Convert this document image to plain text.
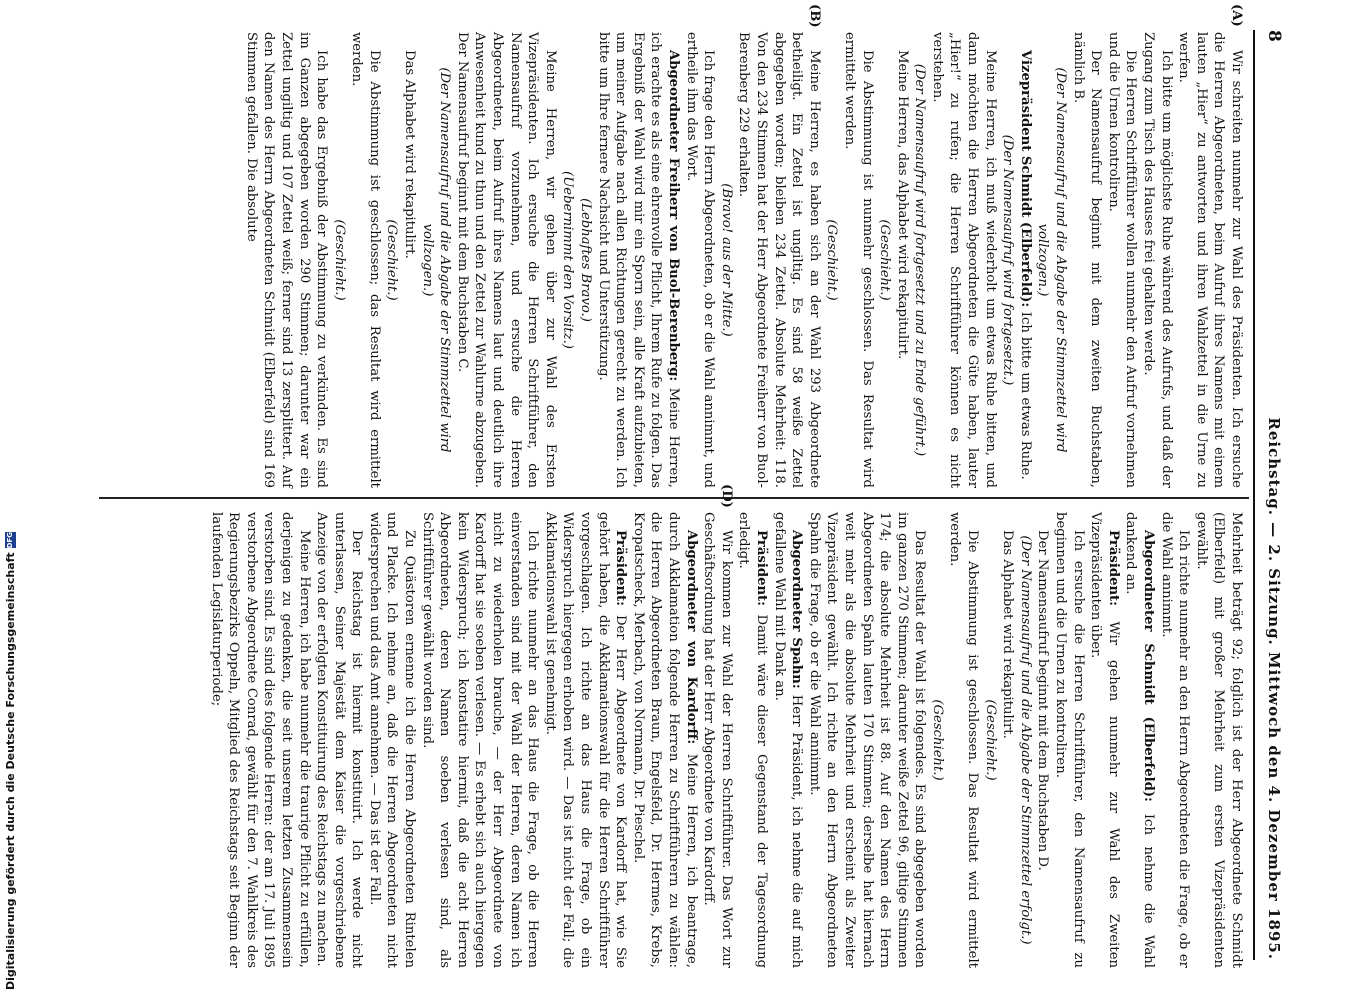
8
Reichstag. — 2. Sitzung. Mittwoch den 4. Dezember 1895.

(A)
Wir schreiten nunmehr zur Wahl des Präsidenten. Ich ersuche die Herren Abgeordneten, beim Aufruf ihres Namens mit einem lauten „Hier“ zu antworten und ihren Wahlzettel in die Urne zu werfen.

Ich bitte um möglichste Ruhe während des Aufrufs, und daß der Zugang zum Tisch des Hauses frei gehalten werde.

Die Herren Schriftführer wollen nunmehr den Aufruf vornehmen und die Urnen kontroliren.

Der Namensaufruf beginnt mit dem zweiten Buchstaben, nämlich B.

(Der Namensaufruf und die Abgabe der Stimmzettel wird vollzogen.)

Vizepräsident Schmidt (Elberfeld): Ich bitte um etwas Ruhe.

(Der Namensaufruf wird fortgesetzt.)

Meine Herren, ich muß wiederholt um etwas Ruhe bitten, und dann möchten die Herren Abgeordneten die Güte haben, lauter „Hier!“ zu rufen; die Herren Schriftführer können es nicht verstehen.

(Der Namensaufruf wird fortgesetzt und zu Ende geführt.)

Meine Herren, das Alphabet wird rekapitulirt.

(Geschieht.)

Die Abstimmung ist nunmehr geschlossen. Das Resultat wird ermittelt werden.

(Geschieht.)

(B)
Meine Herren, es haben sich an der Wahl 293 Abgeordnete betheiligt. Ein Zettel ist ungiltig. Es sind 58 weiße Zettel abgegeben worden; bleiben 234 Zettel. Absolute Mehrheit: 118. Von den 234 Stimmen hat der Herr Abgeordnete Freiherr von Buol-Berenberg 229 erhalten.

(Bravo! aus der Mitte.)

Ich frage den Herrn Abgeordneten, ob er die Wahl annimmt, und ertheile ihm das Wort.

Abgeordneter Freiherr von Buol-Berenberg: Meine Herren, ich erachte es als eine ehrenvolle Pflicht, Ihrem Rufe zu folgen. Das Ergebniß der Wahl wird mir ein Sporn sein, alle Kraft aufzubieten, um meiner Aufgabe nach allen Richtungen gerecht zu werden. Ich bitte um Ihre fernere Nachsicht und Unterstützung.

(Lebhaftes Bravo.)

(Uebernimmt den Vorsitz.)

Meine Herren, wir gehen über zur Wahl des Ersten Vizepräsidenten. Ich ersuche die Herren Schriftführer, den Namensaufruf vorzunehmen, und ersuche die Herren Abgeordneten, beim Aufruf ihres Namens laut und deutlich ihre Anwesenheit kund zu thun und den Zettel zur Wahlurne abzugeben. Der Namensaufruf beginnt mit dem Buchstaben C.

(Der Namensaufruf und die Abgabe der Stimmzettel wird vollzogen.)

Das Alphabet wird rekapitulirt.

(Geschieht.)

Die Abstimmung ist geschlossen; das Resultat wird ermittelt werden.

(Geschieht.)

Ich habe das Ergebniß der Abstimmung zu verkünden. Es sind im Ganzen abgegeben worden 290 Stimmen; darunter war ein Zettel ungiltig und 107 Zettel weiß; ferner sind 13 zersplittert. Auf den Namen des Herrn Abgeordneten Schmidt (Elberfeld) sind 169 Stimmen gefallen. Die absolute

Mehrheit beträgt 92; folglich ist der Herr Abgeordnete Schmidt (Elberfeld) mit großer Mehrheit zum ersten Vizepräsidenten gewählt.

Ich richte nunmehr an den Herrn Abgeordneten die Frage, ob er die Wahl annimmt.

Abgeordneter Schmidt (Elberfeld): Ich nehme die Wahl dankend an.

Präsident: Wir gehen nunmehr zur Wahl des Zweiten Vizepräsidenten über.

Ich ersuche die Herren Schriftführer, den Namensaufruf zu beginnen und die Urnen zu kontroliren.

Der Namensaufruf beginnt mit dem Buchstaben D.

(Der Namensaufruf und die Abgabe der Stimmzettel erfolgt.)

Das Alphabet wird rekapitulirt.

(Geschieht.)

Die Abstimmung ist geschlossen. Das Resultat wird ermittelt werden.

(Geschieht.)

Das Resultat der Wahl ist folgendes. Es sind abgegeben worden im ganzen 270 Stimmen; darunter weiße Zettel 96, giltige Stimmen 174; die absolute Mehrheit ist 88. Auf den Namen des Herrn Abgeordneten Spahn lauten 170 Stimmen; derselbe hat hiernach weit mehr als die absolute Mehrheit und erscheint als Zweiter Vizepräsident gewählt. Ich richte an den Herrn Abgeordneten Spahn die Frage, ob er die Wahl annimmt.

Abgeordneter Spahn: Herr Präsident, ich nehme die auf mich gefallene Wahl mit Dank an.

Präsident: Damit wäre dieser Gegenstand der Tagesordnung erledigt.

(D)
Wir kommen zur Wahl der Herren Schriftführer. Das Wort zur Geschäftsordnung hat der Herr Abgeordnete von Kardorff.

Abgeordneter von Kardorff: Meine Herren, ich beantrage, durch Akklamation folgende Herren zu Schriftführern zu wählen: die Herren Abgeordneten Braun, Engelsfeld, Dr. Hermes, Krebs, Kropatscheck, Merbach, von Normann, Dr. Pieschel.

Präsident: Der Herr Abgeordnete von Kardorff hat, wie Sie gehört haben, die Akklamationswahl für die Herren Schriftführer vorgeschlagen. Ich richte an das Haus die Frage, ob ein Widerspruch hiergegen erhoben wird. — Das ist nicht der Fall; die Akklamationswahl ist genehmigt.

Ich richte nunmehr an das Haus die Frage, ob die Herren einverstanden sind mit der Wahl der Herren, deren Namen ich nicht zu wiederholen brauche, — der Herr Abgeordnete von Kardorff hat sie soeben verlesen. — Es erhebt sich auch hiergegen kein Widerspruch; ich konstatire hiermit, daß die acht Herren Abgeordneten, deren Namen soeben verlesen sind, als Schriftführer gewählt worden sind.

Zu Quästoren ernenne ich die Herren Abgeordneten Rintelen und Placke. Ich nehme an, daß die Herren Abgeordneten nicht widersprechen und das Amt annehmen. — Das ist der Fall.

Der Reichstag ist hiermit konstituirt. Ich werde nicht unterlassen, Seiner Majestät dem Kaiser die vorgeschriebene Anzeige von der erfolgten Konstituirung des Reichstags zu machen.

Meine Herren, ich habe nunmehr die traurige Pflicht zu erfüllen, derjenigen zu gedenken, die seit unserem letzten Zusammensein verstorben sind. Es sind dies folgende Herren: der am 17. Juli 1895 verstorbene Abgeordnete Conrad, gewählt für den 7. Wahlkreis des Regierungsbezirks Oppeln, Mitglied des Reichstags seit Beginn der laufenden Legislaturperiode;

Digitalisierung gefördert durch die Deutsche Forschungsgemeinschaft
DFG
